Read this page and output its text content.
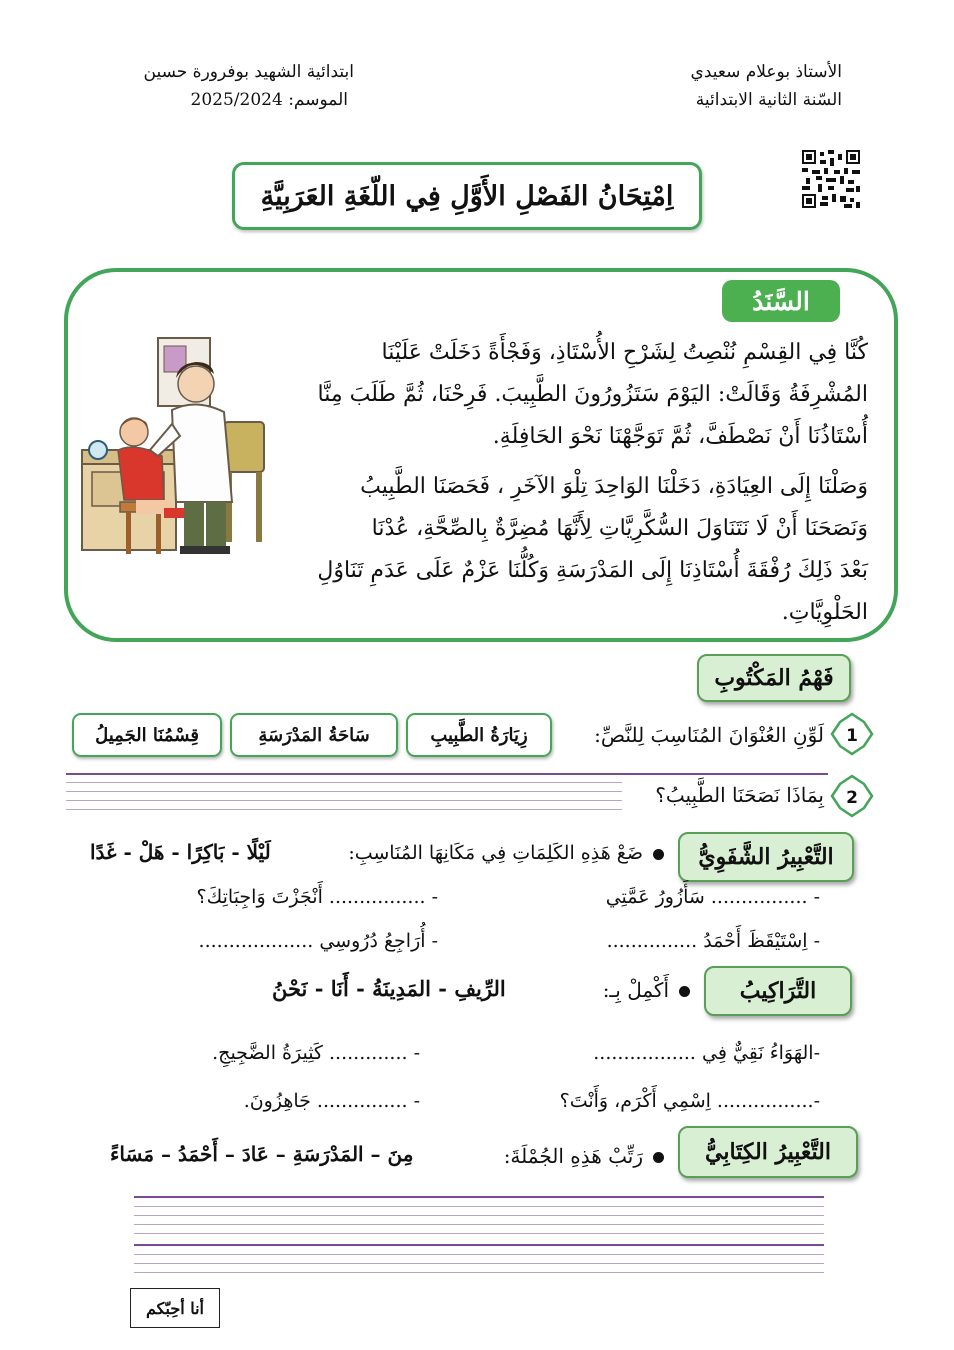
الأستاذ بوعلام سعيدي
السّنة الثانية الابتدائية
ابتدائية الشهيد بوفرورة حسين
الموسم: 2025/2024
اِمْتِحَانُ الفَصْلِ الأَوَّلِ فِي اللّغَةِ العَرَبِيَّةِ
السَّنَدُ
كُنَّا فِي القِسْمِ نُنْصِتُ لِشَرْحِ الأُسْتَاذِ، وَفَجْأَةً دَخَلَتْ عَلَيْنَا
المُشْرِفَةُ وَقَالَتْ: اليَوْمَ سَتَزُورُونَ الطَّبِيبَ. فَرِحْنَا، ثُمَّ طَلَبَ مِنَّا
أُسْتَاذُنَا أَنْ نَصْطَفَّ، ثُمَّ تَوَجَّهْنَا نَحْوَ الحَافِلَةِ.
وَصَلْنَا إِلَى العِيَادَةِ، دَخَلْنَا الوَاحِدَ تِلْوَ الآخَرِ ، فَحَصَنَا الطَّبِيبُ
وَنَصَحَنَا أَنْ لَا نَتَنَاوَلَ السُّكَّرِيَّاتِ لِأَنَّهَا مُضِرَّةٌ بِالصِّحَّةِ، عُدْنَا
بَعْدَ ذَلِكَ رُفْقَةَ أُسْتَاذِنَا إِلَى المَدْرَسَةِ وَكُلُّنَا عَزْمٌ عَلَى عَدَمِ تَنَاوُلِ
الحَلْوِيَّاتِ.
فَهْمُ المَكْتُوبِ
1
لَوِّنِ العُنْوَانَ المُنَاسِبَ لِلنَّصِّ:
زِيَارَةُ الطَّبِيبِ
سَاحَةُ المَدْرَسَةِ
قِسْمُنَا الجَمِيلُ
2
بِمَاذَا نَصَحَنَا الطَّبِيبُ؟
التَّعْبِيرُ الشَّفَوِيُّ
ضَعْ هَذِهِ الكَلِمَاتِ فِي مَكَانِهَا المُنَاسِبِ:
لَيْلًا - بَاكِرًا - هَلْ - غَدًا
- ................ سَأَزُورُ عَمَّتِي
- ................ أَنْجَزْتَ وَاجِبَاتِكَ؟
- اِسْتَيْقَظَ أَحْمَدُ ...............
- أُرَاجِعُ دُرُوسِي ...................
التَّرَاكِيبُ
أَكْمِلْ بِـ:
الرِّيفِ - المَدِينَةُ - أَنَا - نَحْنُ
-الهَوَاءُ نَقِيٌّ فِي .................
- ............. كَثِيرَةُ الضَّجِيجِ.
-................ اِسْمِي أَكْرَم، وَأَنْتَ؟
- ............... جَاهِزُونَ.
التَّعْبِيرُ الكِتَابِيُّ
رَتِّبْ هَذِهِ الجُمْلَةَ:
مِنَ – المَدْرَسَةِ – عَادَ – أَحْمَدُ – مَسَاءً
أنا أحِبّكم
